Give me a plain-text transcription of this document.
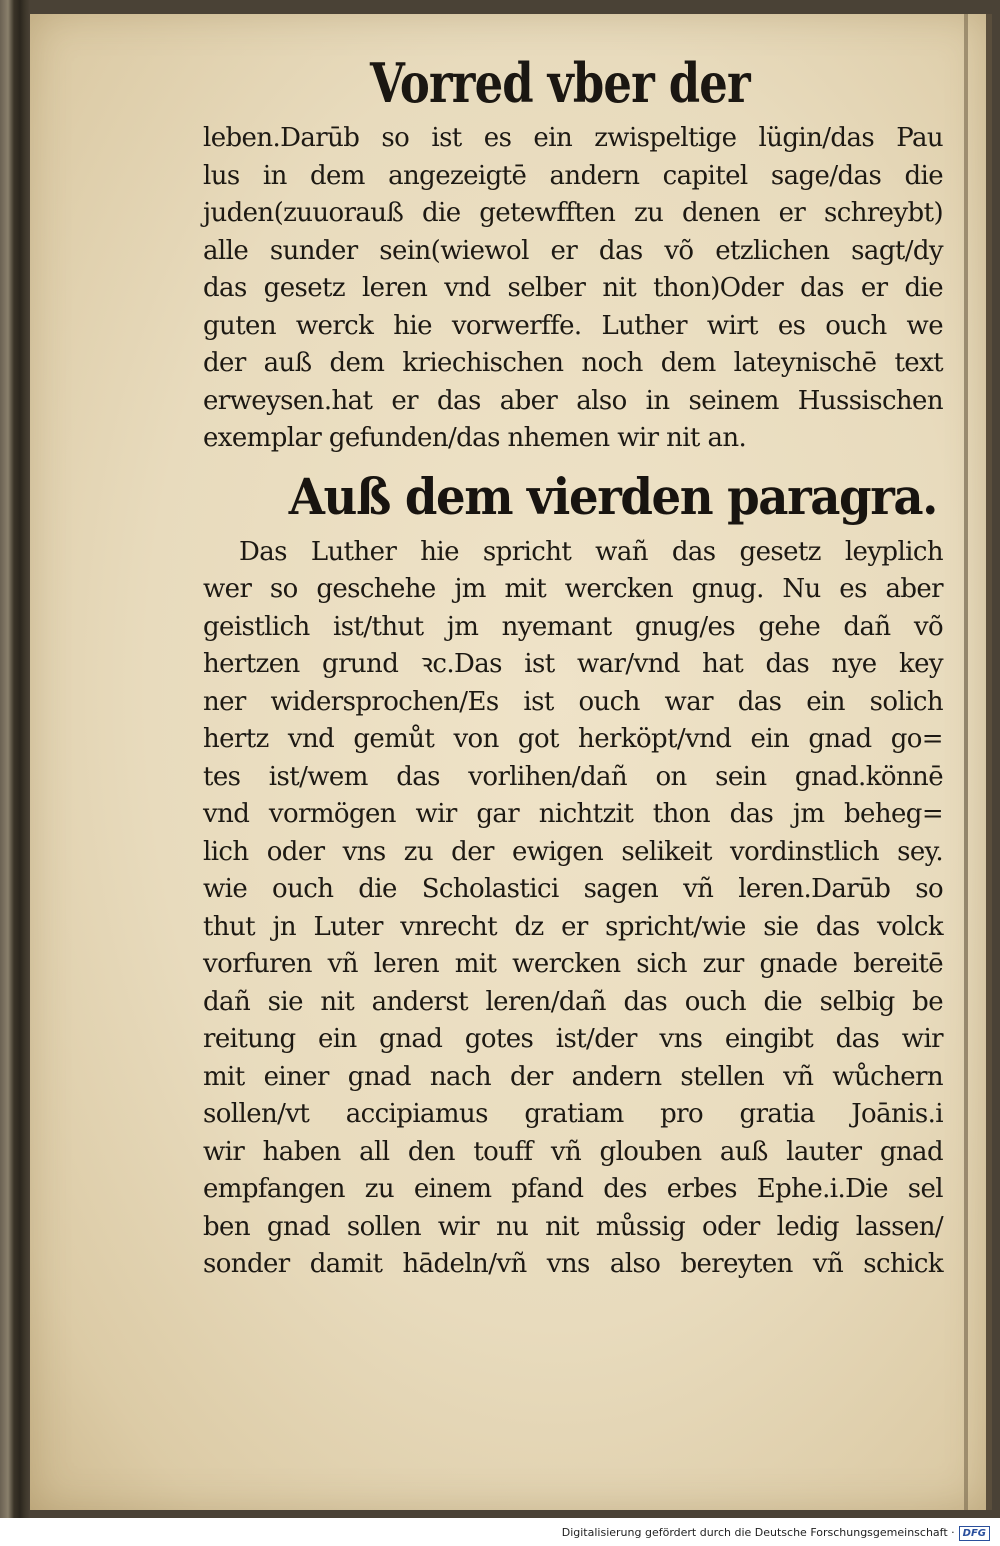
Vorred vber der
leben.Darūb so ist es ein zwispeltige lügin/das Pau
lus in dem angezeigtē andern capitel sage/das die
juden(zuuorauß die getewfften zu denen er schreybt)
alle sunder sein(wiewol er das võ etzlichen sagt/dy
das gesetz leren vnd selber nit thon)Oder das er die
guten werck hie vorwerffe. Luther wirt es ouch we
der auß dem kriechischen noch dem lateynischē text
erweysen.hat er das aber also in seinem Hussischen
exemplar gefunden/das nhemen wir nit an.
Auß dem vierden paragra.
Das Luther hie spricht wañ das gesetz leyplich
wer so geschehe jm mit wercken gnug. Nu es aber
geistlich ist/thut jm nyemant gnug/es gehe dañ võ
hertzen grund ꝛc.Das ist war/vnd hat das nye key
ner widersprochen/Es ist ouch war das ein solich
hertz vnd gemůt von got herköpt/vnd ein gnad go=
tes ist/wem das vorlihen/dañ on sein gnad.könnē
vnd vormögen wir gar nichtzit thon das jm beheg=
lich oder vns zu der ewigen selikeit vordinstlich sey.
wie ouch die Scholastici sagen vñ leren.Darūb so
thut jn Luter vnrecht dz er spricht/wie sie das volck
vorfuren vñ leren mit wercken sich zur gnade bereitē
dañ sie nit anderst leren/dañ das ouch die selbig be
reitung ein gnad gotes ist/der vns eingibt das wir
mit einer gnad nach der andern stellen vñ wůchern
sollen/vt accipiamus gratiam pro gratia Joānis.i
wir haben all den touff vñ glouben auß lauter gnad
empfangen zu einem pfand des erbes Ephe.i.Die sel
ben gnad sollen wir nu nit můssig oder ledig lassen/
sonder damit hādeln/vñ vns also bereyten vñ schick
Digitalisierung gefördert durch die Deutsche Forschungsgemeinschaft · DFG
